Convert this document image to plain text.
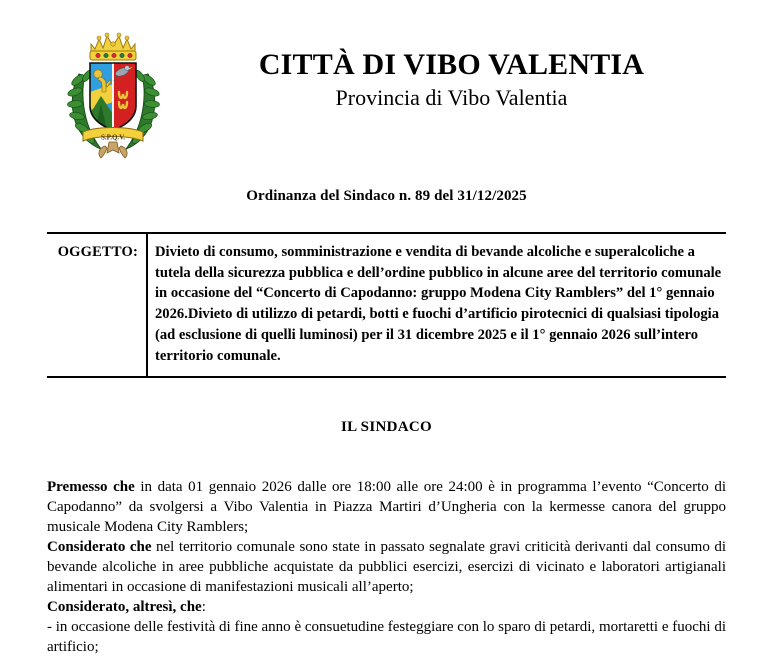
S.P.Q.V.
CITTÀ DI VIBO VALENTIA
Provincia di Vibo Valentia
Ordinanza del Sindaco n. 89 del 31/12/2025
OGGETTO:	Divieto di consumo, somministrazione e vendita di bevande alcoliche e superalcoliche a tutela della sicurezza pubblica e dell’ordine pubblico in alcune aree del territorio comunale in occasione del “Concerto di Capodanno: gruppo Modena City Ramblers” del 1° gennaio 2026.Divieto di utilizzo di petardi, botti e fuochi d’artificio pirotecnici di qualsiasi tipologia (ad esclusione di quelli luminosi) per il 31 dicembre 2025 e il 1° gennaio 2026 sull’intero territorio comunale.
IL SINDACO

Premesso che in data 01 gennaio 2026 dalle ore 18:00 alle ore 24:00 è in programma l’evento “Concerto di Capodanno” da svolgersi a Vibo Valentia in Piazza Martiri d’Ungheria con la kermesse canora del gruppo musicale Modena City Ramblers;

Considerato che nel territorio comunale sono state in passato segnalate gravi criticità derivanti dal consumo di bevande alcoliche in aree pubbliche acquistate da pubblici esercizi, esercizi di vicinato e laboratori artigianali alimentari in occasione di manifestazioni musicali all’aperto;

Considerato, altresì, che:

- in occasione delle festività di fine anno è consuetudine festeggiare con lo sparo di petardi, mortaretti e fuochi di artificio;
